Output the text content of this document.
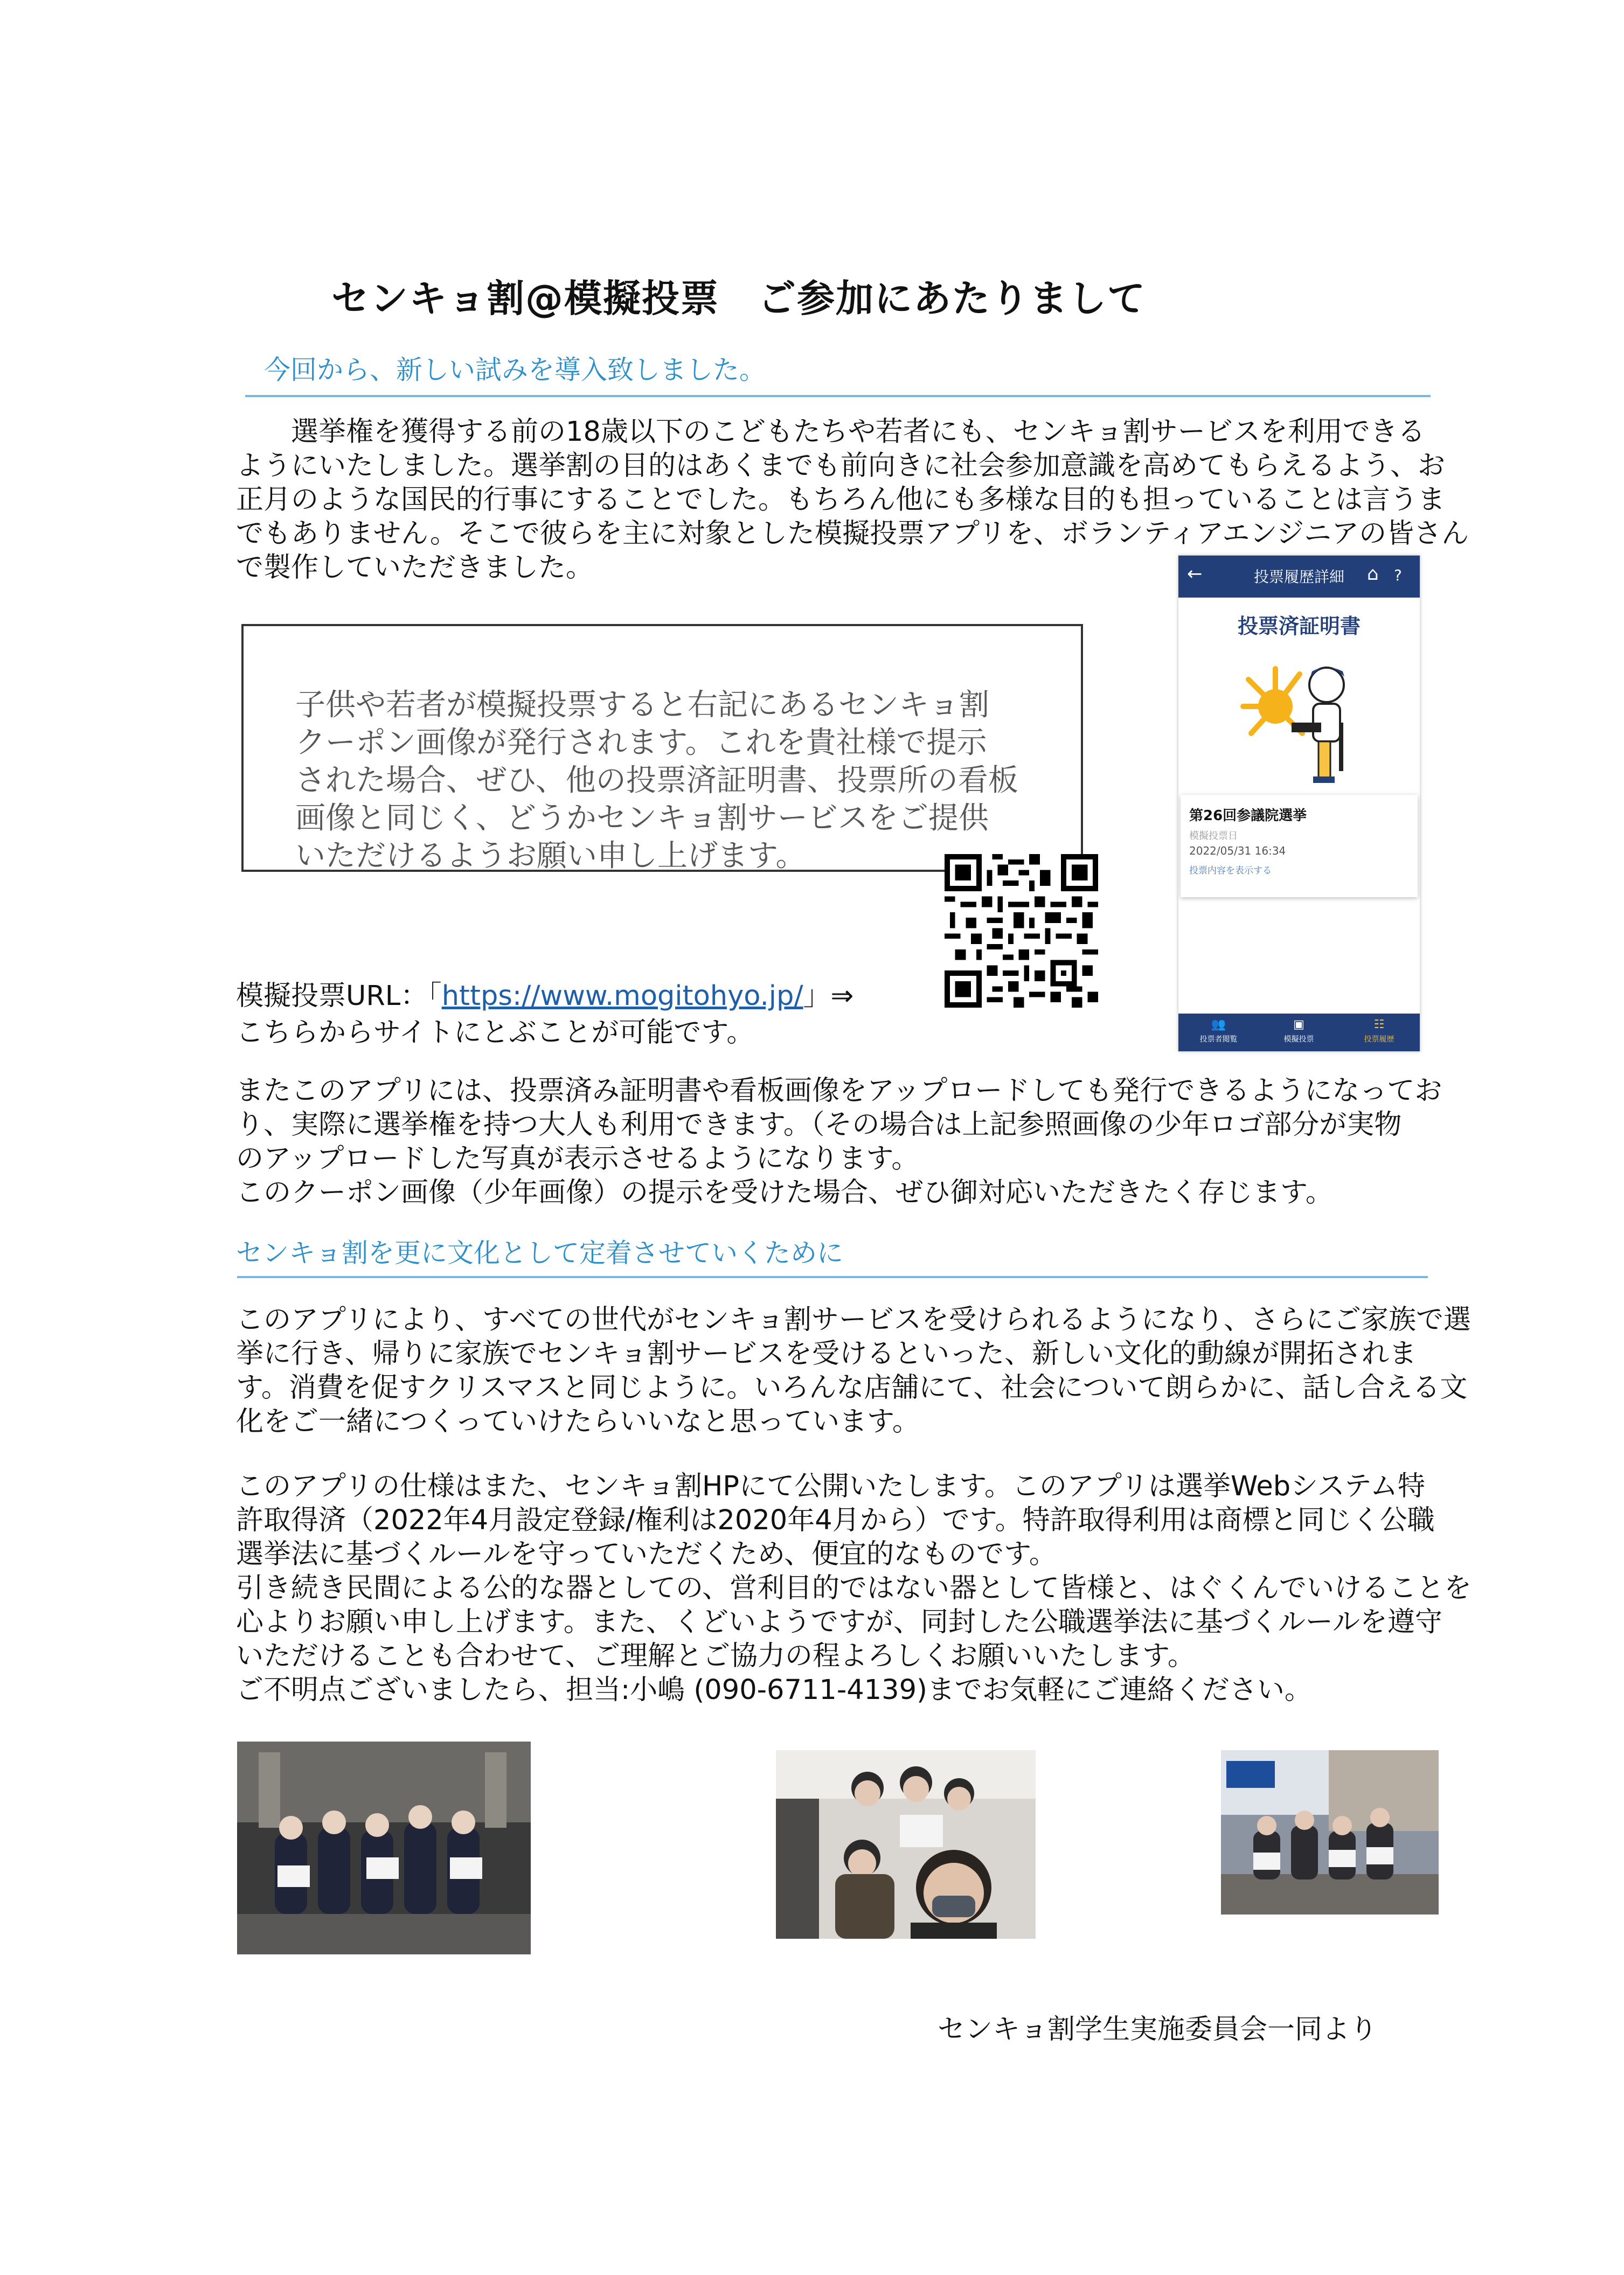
センキョ割@模擬投票　ご参加にあたりまして
今回から、新しい試みを導入致しました。
　　選挙権を獲得する前の18歳以下のこどもたちや若者にも、センキョ割サービスを利用できる
ようにいたしました。選挙割の目的はあくまでも前向きに社会参加意識を高めてもらえるよう、お
正月のような国民的行事にすることでした。もちろん他にも多様な目的も担っていることは言うま
でもありません。そこで彼らを主に対象とした模擬投票アプリを、ボランティアエンジニアの皆さん
で製作していただきました。
子供や若者が模擬投票すると右記にあるセンキョ割
クーポン画像が発行されます。これを貴社様で提示
された場合、ぜひ、他の投票済証明書、投票所の看板
画像と同じく、どうかセンキョ割サービスをご提供
いただけるようお願い申し上げます。
←	投票履歴詳細	⌂ ?
投票済証明書
第26回参議院選挙
模擬投票日
2022/05/31 16:34
投票内容を表示する
👥
投票者閲覧
▣
模擬投票
☷
投票履歴
模擬投票URL：「https://www.mogitohyo.jp/」⇒
こちらからサイトにとぶことが可能です。
またこのアプリには、投票済み証明書や看板画像をアップロードしても発行できるようになってお
り、実際に選挙権を持つ大人も利用できます。（その場合は上記参照画像の少年ロゴ部分が実物
のアップロードした写真が表示させるようになります。
このクーポン画像（少年画像）の提示を受けた場合、ぜひ御対応いただきたく存じます。
センキョ割を更に文化として定着させていくために
このアプリにより、すべての世代がセンキョ割サービスを受けられるようになり、さらにご家族で選
挙に行き、帰りに家族でセンキョ割サービスを受けるといった、新しい文化的動線が開拓されま
す。消費を促すクリスマスと同じように。いろんな店舗にて、社会について朗らかに、話し合える文
化をご一緒につくっていけたらいいなと思っています。
このアプリの仕様はまた、センキョ割HPにて公開いたします。このアプリは選挙Webシステム特
許取得済（2022年4月設定登録/権利は2020年4月から）です。特許取得利用は商標と同じく公職
選挙法に基づくルールを守っていただくため、便宜的なものです。
引き続き民間による公的な器としての、営利目的ではない器として皆様と、はぐくんでいけることを
心よりお願い申し上げます。また、くどいようですが、同封した公職選挙法に基づくルールを遵守
いただけることも合わせて、ご理解とご協力の程よろしくお願いいたします。
ご不明点ございましたら、担当:小嶋 (090-6711-4139)までお気軽にご連絡ください。
センキョ割学生実施委員会一同より
